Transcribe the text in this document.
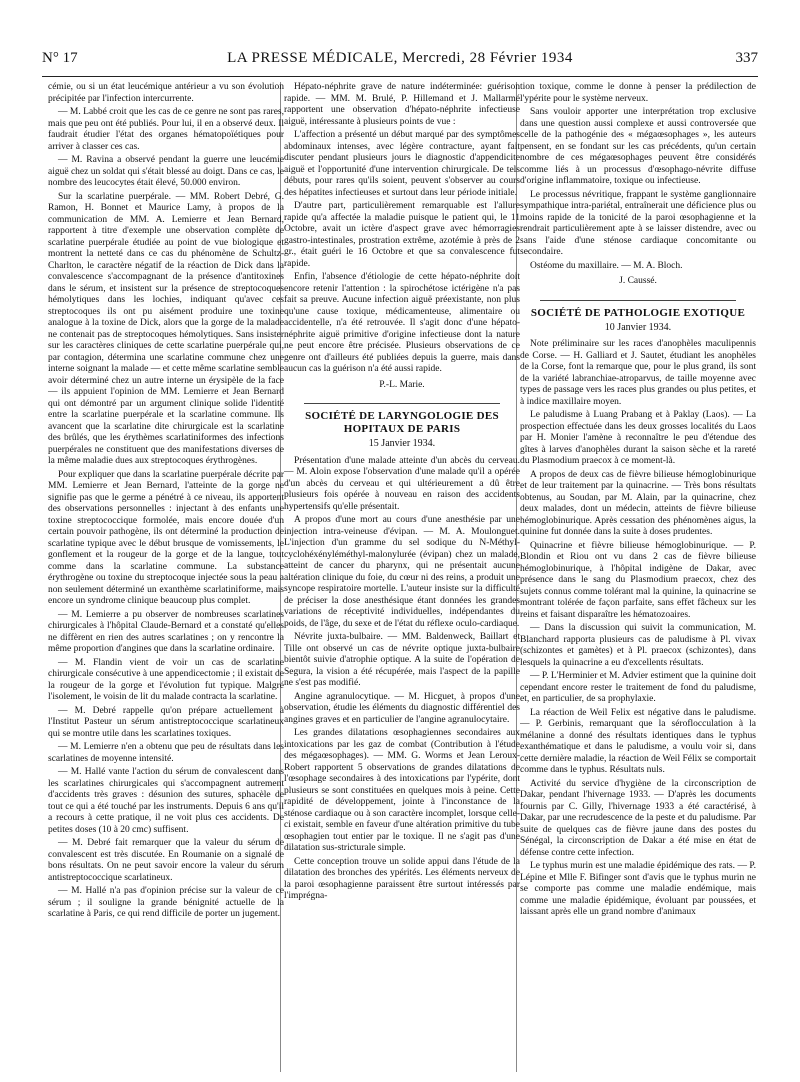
N° 17	LA PRESSE MÉDICALE, Mercredi, 28 Février 1934	337

cémie, ou si un état leucémique antérieur a vu son évolution précipitée par l'infection intercurrente.

— M. Labbé croit que les cas de ce genre ne sont pas rares, mais que peu ont été publiés. Pour lui, il en a observé deux. Il faudrait étudier l'état des organes hématopoïétiques pour arriver à classer ces cas.

— M. Ravina a observé pendant la guerre une leucémie aiguë chez un soldat qui s'était blessé au doigt. Dans ce cas, le nombre des leucocytes était élevé, 50.000 environ.

Sur la scarlatine puerpérale. — MM. Robert Debré, G. Ramon, H. Bonnet et Maurice Lamy, à propos de la communication de MM. A. Lemierre et Jean Bernard, rapportent à titre d'exemple une observation complète de scarlatine puerpérale étudiée au point de vue biologique et montrent la netteté dans ce cas du phénomène de Schultz-Charlton, le caractère négatif de la réaction de Dick dans la convalescence s'accompagnant de la présence d'antitoxines dans le sérum, et insistent sur la présence de streptocoques hémolytiques dans les lochies, indiquant qu'avec ces streptocoques ils ont pu aisément produire une toxine analogue à la toxine de Dick, alors que la gorge de la malade ne contenait pas de streptocoques hémolytiques. Sans insister sur les caractères cliniques de cette scarlatine puerpérale qui, par contagion, détermina une scarlatine commune chez une interne soignant la malade — et cette même scarlatine semble avoir déterminé chez un autre interne un érysipèle de la face — ils appuient l'opinion de MM. Lemierre et Jean Bernard qui ont démontré par un argument clinique solide l'identité entre la scarlatine puerpérale et la scarlatine commune. Ils avancent que la scarlatine dite chirurgicale est la scarlatine des brûlés, que les érythèmes scarlatiniformes des infections puerpérales ne constituent que des manifestations diverses de la même maladie dues aux streptocoques érythrogènes.

Pour expliquer que dans la scarlatine puerpérale décrite par MM. Lemierre et Jean Bernard, l'atteinte de la gorge ne signifie pas que le germe a pénétré à ce niveau, ils apportent des observations personnelles : injectant à des enfants une toxine streptococcique formolée, mais encore douée d'un certain pouvoir pathogène, ils ont déterminé la production de scarlatine typique avec le début brusque de vomissements, le gonflement et la rougeur de la gorge et de la langue, tout comme dans la scarlatine commune. La substance érythrogène ou toxine du streptocoque injectée sous la peau a non seulement déterminé un exanthème scarlatiniforme, mais encore un syndrome clinique beaucoup plus complet.

— M. Lemierre a pu observer de nombreuses scarlatines chirurgicales à l'hôpital Claude-Bernard et a constaté qu'elles ne diffèrent en rien des autres scarlatines ; on y rencontre la même proportion d'angines que dans la scarlatine ordinaire.

— M. Flandin vient de voir un cas de scarlatine chirurgicale consécutive à une appendicectomie ; il existait de la rougeur de la gorge et l'évolution fut typique. Malgré l'isolement, le voisin de lit du malade contracta la scarlatine.

— M. Debré rappelle qu'on prépare actuellement à l'Institut Pasteur un sérum antistreptococcique scarlatineux qui se montre utile dans les scarlatines toxiques.

— M. Lemierre n'en a obtenu que peu de résultats dans les scarlatines de moyenne intensité.

— M. Hallé vante l'action du sérum de convalescent dans les scarlatines chirurgicales qui s'accompagnent autrement d'accidents très graves : désunion des sutures, sphacèle de tout ce qui a été touché par les instruments. Depuis 6 ans qu'il a recours à cette pratique, il ne voit plus ces accidents. De petites doses (10 à 20 cmc) suffisent.

— M. Debré fait remarquer que la valeur du sérum de convalescent est très discutée. En Roumanie on a signalé de bons résultats. On ne peut savoir encore la valeur du sérum antistreptococcique scarlatineux.

— M. Hallé n'a pas d'opinion précise sur la valeur de ce sérum ; il souligne la grande bénignité actuelle de la scarlatine à Paris, ce qui rend difficile de porter un jugement.

Hépato-néphrite grave de nature indéterminée: guérison rapide. — MM. M. Brulé, P. Hillemand et J. Mallarmé rapportent une observation d'hépato-néphrite infectieuse aiguë, intéressante à plusieurs points de vue :

L'affection a présenté un début marqué par des symptômes abdominaux intenses, avec légère contracture, ayant fait discuter pendant plusieurs jours le diagnostic d'appendicite aiguë et l'opportunité d'une intervention chirurgicale. De tels débuts, pour rares qu'ils soient, peuvent s'observer au cours des hépatites infectieuses et surtout dans leur période initiale.

D'autre part, particulièrement remarquable est l'allure rapide qu'a affectée la maladie puisque le patient qui, le 11 Octobre, avait un ictère d'aspect grave avec hémorragies gastro-intestinales, prostration extrême, azotémie à près de 2 gr., était guéri le 16 Octobre et que sa convalescence fut rapide.

Enfin, l'absence d'étiologie de cette hépato-néphrite doit encore retenir l'attention : la spirochétose ictérigène n'a pas fait sa preuve. Aucune infection aiguë préexistante, non plus qu'une cause toxique, médicamenteuse, alimentaire ou accidentelle, n'a été retrouvée. Il s'agit donc d'une hépato-néphrite aiguë primitive d'origine infectieuse dont la nature ne peut encore être précisée. Plusieurs observations de ce genre ont d'ailleurs été publiées depuis la guerre, mais dans aucun cas la guérison n'a été aussi rapide.

P.-L. Marie.
SOCIÉTÉ DE LARYNGOLOGIE DES HOPITAUX DE PARIS
15 Janvier 1934.

Présentation d'une malade atteinte d'un abcès du cerveau. — M. Aloin expose l'observation d'une malade qu'il a opérée d'un abcès du cerveau et qui ultérieurement a dû être plusieurs fois opérée à nouveau en raison des accidents hypertensifs qu'elle présentait.

A propos d'une mort au cours d'une anesthésie par une injection intra-veineuse d'évipan. — M. A. Moulonguet. L'injection d'un gramme du sel sodique du N-Méthyl-cyclohéxényléméthyl-malonylurée (évipan) chez un malade, atteint de cancer du pharynx, qui ne présentait aucune altération clinique du foie, du cœur ni des reins, a produit une syncope respiratoire mortelle. L'auteur insiste sur la difficulté de préciser la dose anesthésique étant données les grandes variations de réceptivité individuelles, indépendantes du poids, de l'âge, du sexe et de l'état du réflexe oculo-cardiaque.

Névrite juxta-bulbaire. — MM. Baldenweck, Baillart et Tille ont observé un cas de névrite optique juxta-bulbaire bientôt suivie d'atrophie optique. A la suite de l'opération de Segura, la vision a été récupérée, mais l'aspect de la papille ne s'est pas modifié.

Angine agranulocytique. — M. Hicguet, à propos d'une observation, étudie les éléments du diagnostic différentiel des angines graves et en particulier de l'angine agranulocytaire.

Les grandes dilatations œsophagiennes secondaires aux intoxications par les gaz de combat (Contribution à l'étude des mégaœsophages). — MM. G. Worms et Jean Leroux-Robert rapportent 5 observations de grandes dilatations de l'œsophage secondaires à des intoxications par l'ypérite, dont plusieurs se sont constituées en quelques mois à peine. Cette rapidité de développement, jointe à l'inconstance de la sténose cardiaque ou à son caractère incomplet, lorsque celle-ci existait, semble en faveur d'une altération primitive du tube œsophagien tout entier par le toxique. Il ne s'agit pas d'une dilatation sus-stricturale simple.

Cette conception trouve un solide appui dans l'étude de la dilatation des bronches des ypérités. Les éléments nerveux de la paroi œsophagienne paraissent être surtout intéressés par l'imprégna-

tion toxique, comme le donne à penser la prédilection de l'ypérite pour le système nerveux.

Sans vouloir apporter une interprétation trop exclusive dans une question aussi complexe et aussi controversée que celle de la pathogénie des « mégaœsophages », les auteurs pensent, en se fondant sur les cas précédents, qu'un certain nombre de ces mégaœsophages peuvent être considérés comme liés à un processus d'œsophago-névrite diffuse d'origine inflammatoire, toxique ou infectieuse.

Le processus névritique, frappant le système ganglionnaire sympathique intra-pariétal, entraînerait une déficience plus ou moins rapide de la tonicité de la paroi œsophagienne et la rendrait particulièrement apte à se laisser distendre, avec ou sans l'aide d'une sténose cardiaque concomitante ou secondaire.

Ostéome du maxillaire. — M. A. Bloch.

J. Caussé.
SOCIÉTÉ DE PATHOLOGIE EXOTIQUE
10 Janvier 1934.

Note préliminaire sur les races d'anophèles maculipennis de Corse. — H. Galliard et J. Sautet, étudiant les anophèles de la Corse, font la remarque que, pour le plus grand, ils sont de la variété labranchiae-atroparvus, de taille moyenne avec types de passage vers les races plus grandes ou plus petites, et à indice maxillaire moyen.

Le paludisme à Luang Prabang et à Paklay (Laos). — La prospection effectuée dans les deux grosses localités du Laos par H. Monier l'amène à reconnaître le peu d'étendue des gîtes à larves d'anophèles durant la saison sèche et la rareté du Plasmodium praecox à ce moment-là.

A propos de deux cas de fièvre bilieuse hémoglobinurique et de leur traitement par la quinacrine. — Très bons résultats obtenus, au Soudan, par M. Alain, par la quinacrine, chez deux malades, dont un médecin, atteints de fièvre bilieuse hémoglobinurique. Après cessation des phénomènes aigus, la quinine fut donnée dans la suite à doses prudentes.

Quinacrine et fièvre bilieuse hémoglobinurique. — P. Blondin et Riou ont vu dans 2 cas de fièvre bilieuse hémoglobinurique, à l'hôpital indigène de Dakar, avec présence dans le sang du Plasmodium praecox, chez des sujets connus comme tolérant mal la quinine, la quinacrine se montrant tolérée de façon parfaite, sans effet fâcheux sur les reins et faisant disparaître les hématozoaires.

— Dans la discussion qui suivit la communication, M. Blanchard rapporta plusieurs cas de paludisme à Pl. vivax (schizontes et gamètes) et à Pl. praecox (schizontes), dans lesquels la quinacrine a eu d'excellents résultats.

— P. L'Herminier et M. Advier estiment que la quinine doit cependant encore rester le traitement de fond du paludisme, et, en particulier, de sa prophylaxie.

La réaction de Weil Felix est négative dans le paludisme. — P. Gerbinis, remarquant que la séroflocculation à la mélanine a donné des résultats identiques dans le typhus exanthématique et dans le paludisme, a voulu voir si, dans cette dernière maladie, la réaction de Weil Félix se comportait comme dans le typhus. Résultats nuls.

Activité du service d'hygiène de la circonscription de Dakar, pendant l'hivernage 1933. — D'après les documents fournis par C. Gilly, l'hivernage 1933 a été caractérisé, à Dakar, par une recrudescence de la peste et du paludisme. Par suite de quelques cas de fièvre jaune dans des postes du Sénégal, la circonscription de Dakar a été mise en état de défense contre cette infection.

Le typhus murin est une maladie épidémique des rats. — P. Lépine et Mlle F. Bifinger sont d'avis que le typhus murin ne se comporte pas comme une maladie endémique, mais comme une maladie épidémique, évoluant par poussées, et laissant après elle un grand nombre d'animaux
